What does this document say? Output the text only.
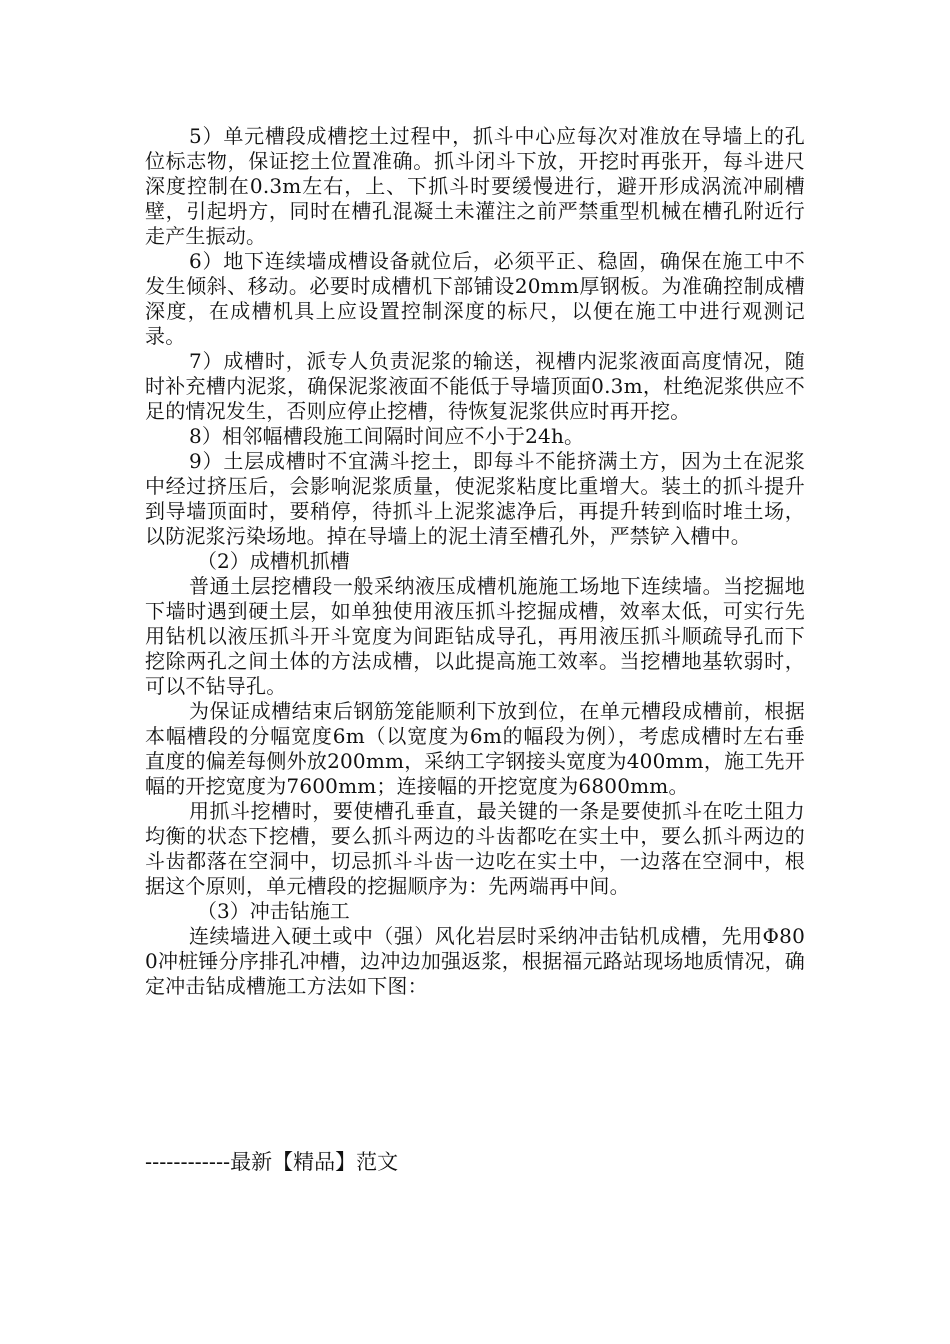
5）单元槽段成槽挖土过程中，抓斗中心应每次对准放在导墙上的孔位标志物，保证挖土位置准确。抓斗闭斗下放，开挖时再张开，每斗进尺深度控制在0.3m左右，上、下抓斗时要缓慢进行，避开形成涡流冲刷槽壁，引起坍方，同时在槽孔混凝土未灌注之前严禁重型机械在槽孔附近行走产生振动。

6）地下连续墙成槽设备就位后，必须平正、稳固，确保在施工中不发生倾斜、移动。必要时成槽机下部铺设20mm厚钢板。为准确控制成槽深度，在成槽机具上应设置控制深度的标尺，以便在施工中进行观测记录。

7）成槽时，派专人负责泥浆的输送，视槽内泥浆液面高度情况，随时补充槽内泥浆，确保泥浆液面不能低于导墙顶面0.3m，杜绝泥浆供应不足的情况发生，否则应停止挖槽，待恢复泥浆供应时再开挖。

8）相邻幅槽段施工间隔时间应不小于24h。

9）土层成槽时不宜满斗挖土，即每斗不能挤满土方，因为土在泥浆中经过挤压后，会影响泥浆质量，使泥浆粘度比重增大。装土的抓斗提升到导墙顶面时，要稍停，待抓斗上泥浆滤净后，再提升转到临时堆土场，以防泥浆污染场地。掉在导墙上的泥土清至槽孔外，严禁铲入槽中。

（2）成槽机抓槽

普通土层挖槽段一般采纳液压成槽机施施工场地下连续墙。当挖掘地下墙时遇到硬土层，如单独使用液压抓斗挖掘成槽，效率太低，可实行先用钻机以液压抓斗开斗宽度为间距钻成导孔，再用液压抓斗顺疏导孔而下挖除两孔之间土体的方法成槽，以此提高施工效率。当挖槽地基软弱时，可以不钻导孔。

为保证成槽结束后钢筋笼能顺利下放到位，在单元槽段成槽前，根据本幅槽段的分幅宽度6m（以宽度为6m的幅段为例），考虑成槽时左右垂直度的偏差每侧外放200mm，采纳工字钢接头宽度为400mm，施工先开幅的开挖宽度为7600mm；连接幅的开挖宽度为6800mm。

用抓斗挖槽时，要使槽孔垂直，最关键的一条是要使抓斗在吃土阻力均衡的状态下挖槽，要么抓斗两边的斗齿都吃在实土中，要么抓斗两边的斗齿都落在空洞中，切忌抓斗斗齿一边吃在实土中，一边落在空洞中，根据这个原则，单元槽段的挖掘顺序为：先两端再中间。

（3）冲击钻施工

连续墙进入硬土或中（强）风化岩层时采纳冲击钻机成槽，先用Φ800冲桩锤分序排孔冲槽，边冲边加强返浆，根据福元路站现场地质情况，确定冲击钻成槽施工方法如下图：

------------最新【精品】范文
